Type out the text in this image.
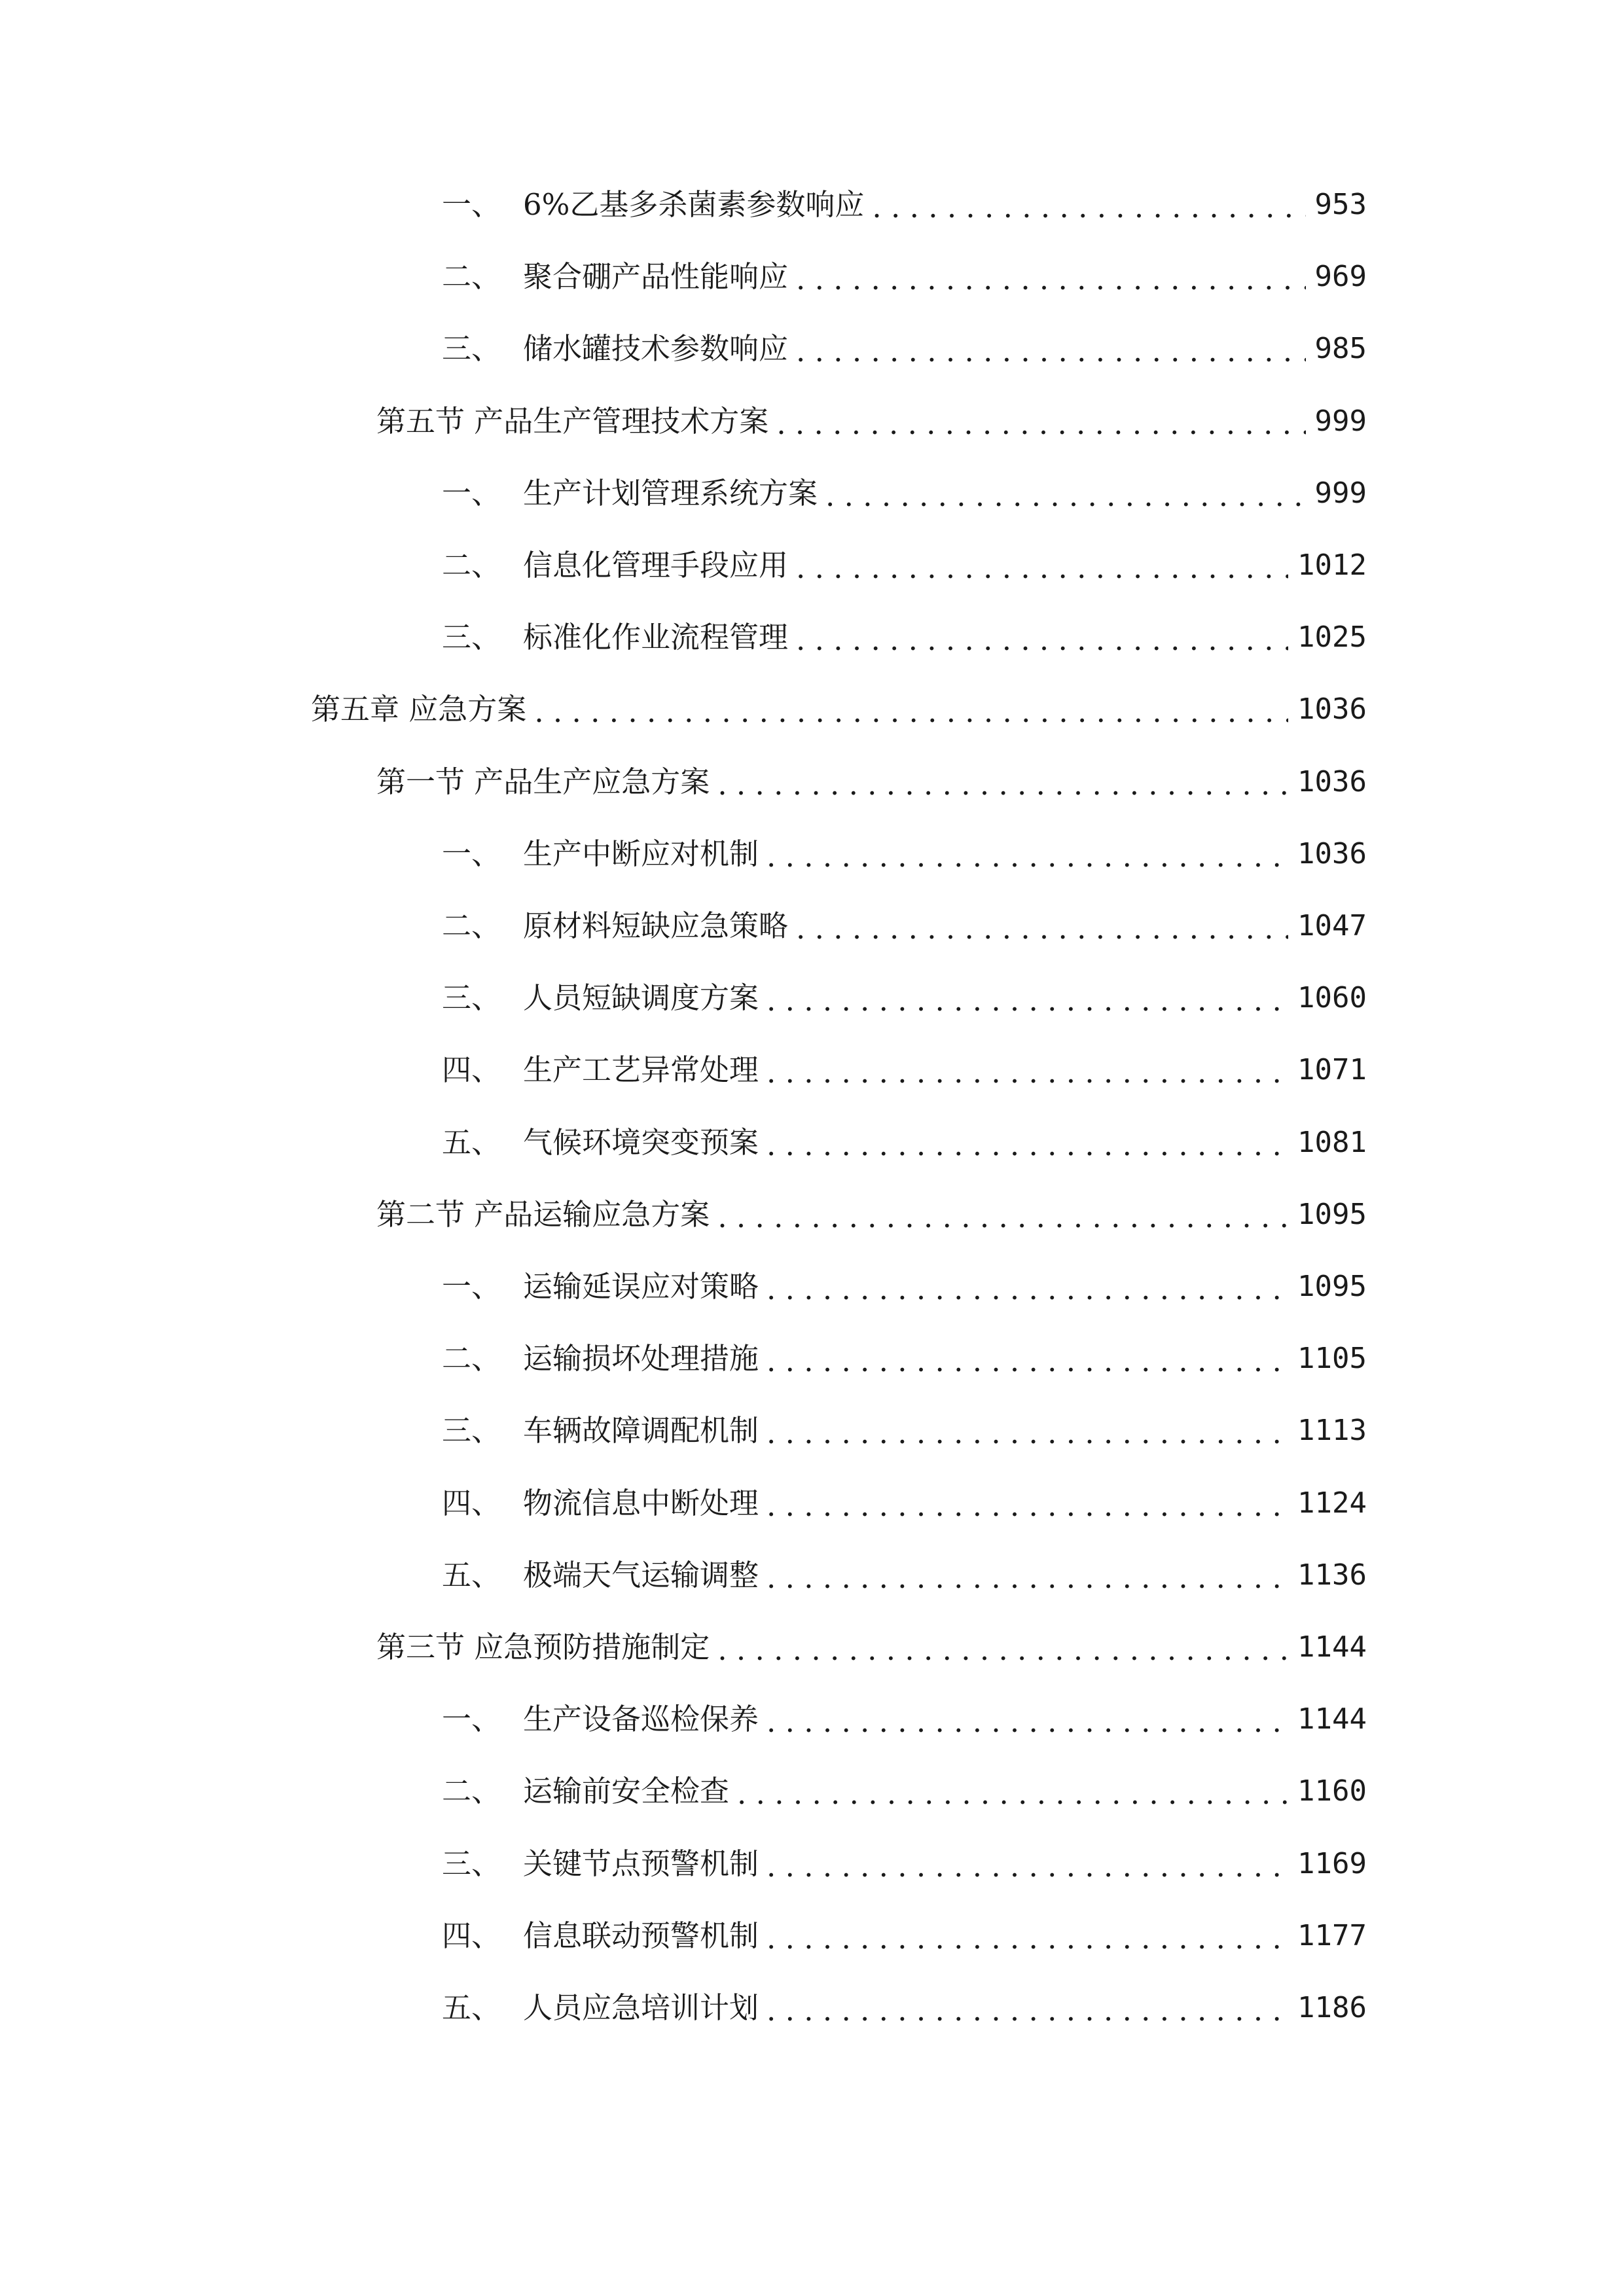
一、 6%乙基多杀菌素参数响应 . . .	953
二、 聚合硼产品性能响应 . . .	969
三、 储水罐技术参数响应 . . .	985
第五节 产品生产管理技术方案 . . .	999
一、 生产计划管理系统方案 . . .	999
二、 信息化管理手段应用 . . .	1012
三、 标准化作业流程管理 . . .	1025
第五章 应急方案 . . .	1036
第一节 产品生产应急方案 . . .	1036
一、 生产中断应对机制 . . .	1036
二、 原材料短缺应急策略 . . .	1047
三、 人员短缺调度方案 . . .	1060
四、 生产工艺异常处理 . . .	1071
五、 气候环境突变预案 . . .	1081
第二节 产品运输应急方案 . . .	1095
一、 运输延误应对策略 . . .	1095
二、 运输损坏处理措施 . . .	1105
三、 车辆故障调配机制 . . .	1113
四、 物流信息中断处理 . . .	1124
五、 极端天气运输调整 . . .	1136
第三节 应急预防措施制定 . . .	1144
一、 生产设备巡检保养 . . .	1144
二、 运输前安全检查 . . .	1160
三、 关键节点预警机制 . . .	1169
四、 信息联动预警机制 . . .	1177
五、 人员应急培训计划 . . .	1186
